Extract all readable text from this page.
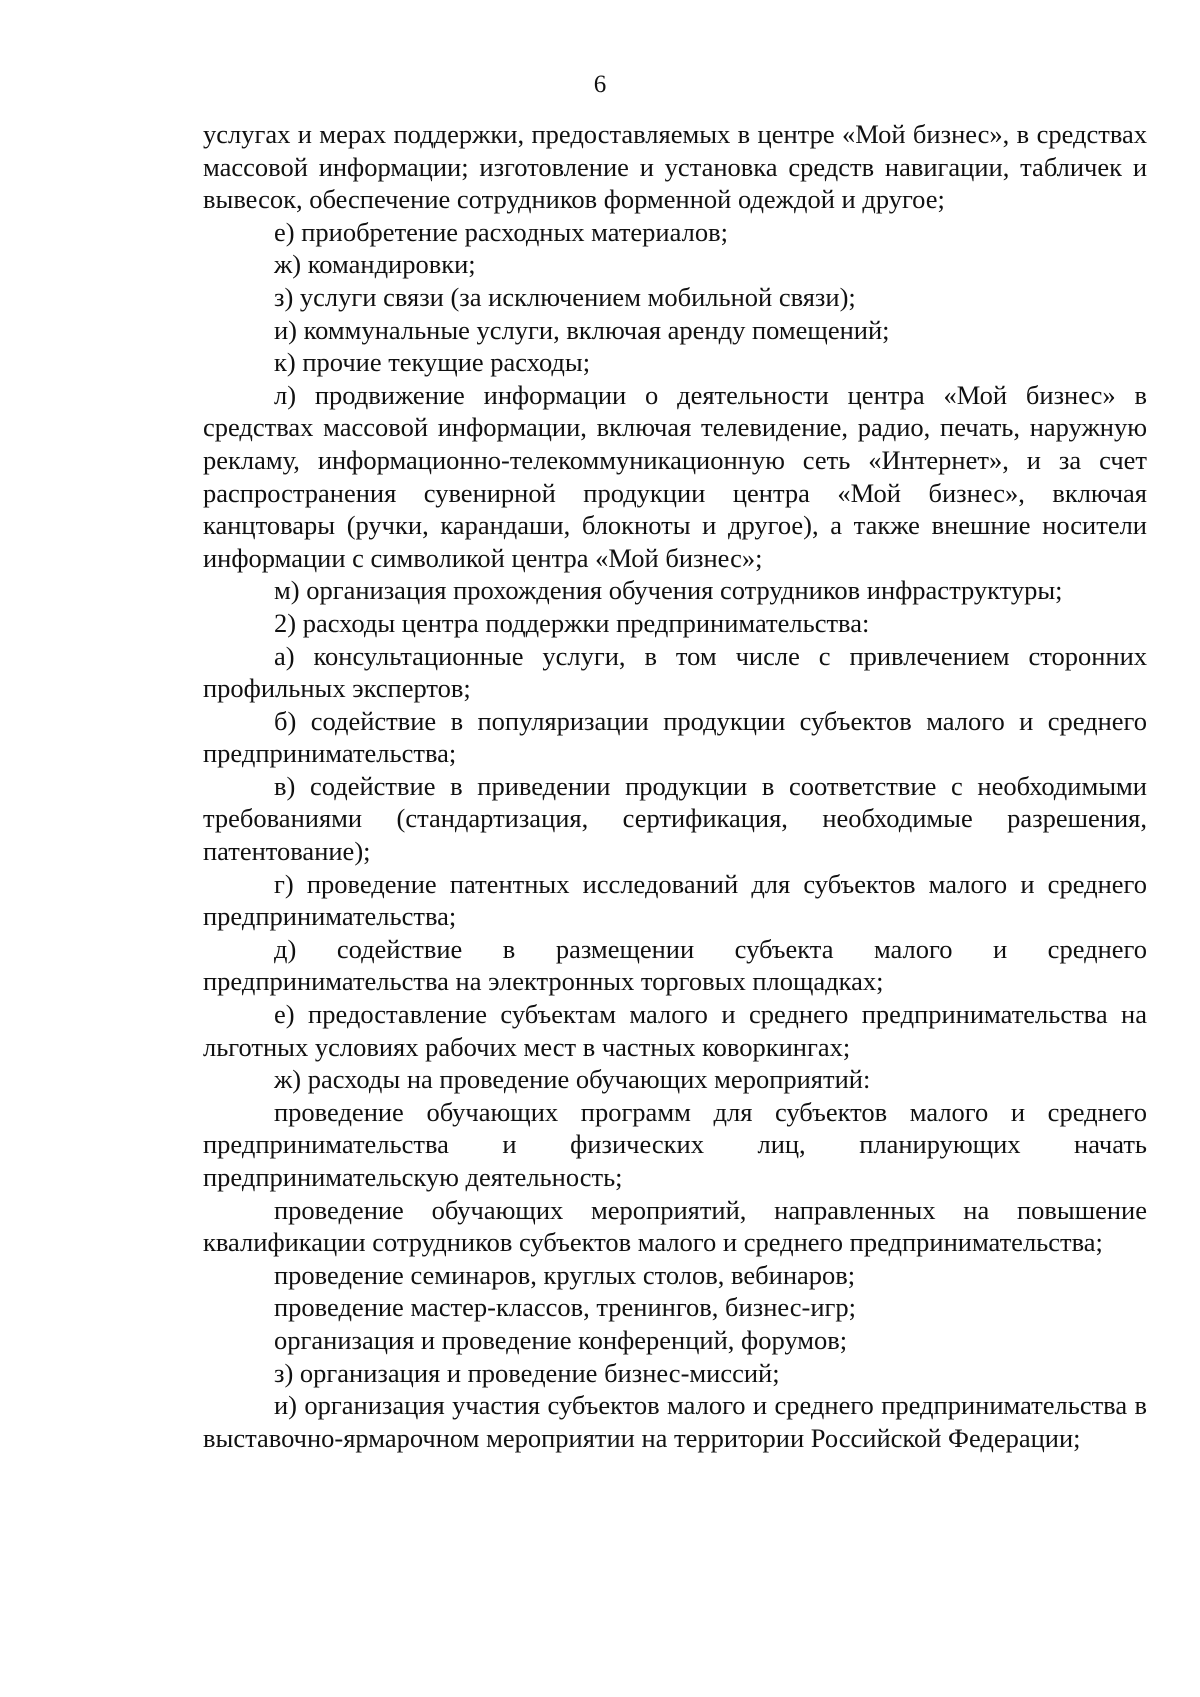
6

услугах и мерах поддержки, предоставляемых в центре «Мой бизнес», в средствах массовой информации; изготовление и установка средств навигации, табличек и вывесок, обеспечение сотрудников форменной одеждой и другое;

е) приобретение расходных материалов;

ж) командировки;

з) услуги связи (за исключением мобильной связи);

и) коммунальные услуги, включая аренду помещений;

к) прочие текущие расходы;

л) продвижение информации о деятельности центра «Мой бизнес» в средствах массовой информации, включая телевидение, радио, печать, наружную рекламу, информационно-телекоммуникационную сеть «Интернет», и за счет распространения сувенирной продукции центра «Мой бизнес», включая канцтовары (ручки, карандаши, блокноты и другое), а также внешние носители информации с символикой центра «Мой бизнес»;

м) организация прохождения обучения сотрудников инфраструктуры;

2) расходы центра поддержки предпринимательства:

а) консультационные услуги, в том числе с привлечением сторонних профильных экспертов;

б) содействие в популяризации продукции субъектов малого и среднего предпринимательства;

в) содействие в приведении продукции в соответствие с необходимыми требованиями (стандартизация, сертификация, необходимые разрешения, патентование);

г) проведение патентных исследований для субъектов малого и среднего предпринимательства;

д) содействие в размещении субъекта малого и среднего предпринимательства на электронных торговых площадках;

е) предоставление субъектам малого и среднего предпринимательства на льготных условиях рабочих мест в частных коворкингах;

ж) расходы на проведение обучающих мероприятий:

проведение обучающих программ для субъектов малого и среднего предпринимательства и физических лиц, планирующих начать предпринимательскую деятельность;

проведение обучающих мероприятий, направленных на повышение квалификации сотрудников субъектов малого и среднего предпринимательства;

проведение семинаров, круглых столов, вебинаров;

проведение мастер-классов, тренингов, бизнес-игр;

организация и проведение конференций, форумов;

з) организация и проведение бизнес-миссий;

и) организация участия субъектов малого и среднего предпринимательства в выставочно-ярмарочном мероприятии на территории Российской Федерации;
